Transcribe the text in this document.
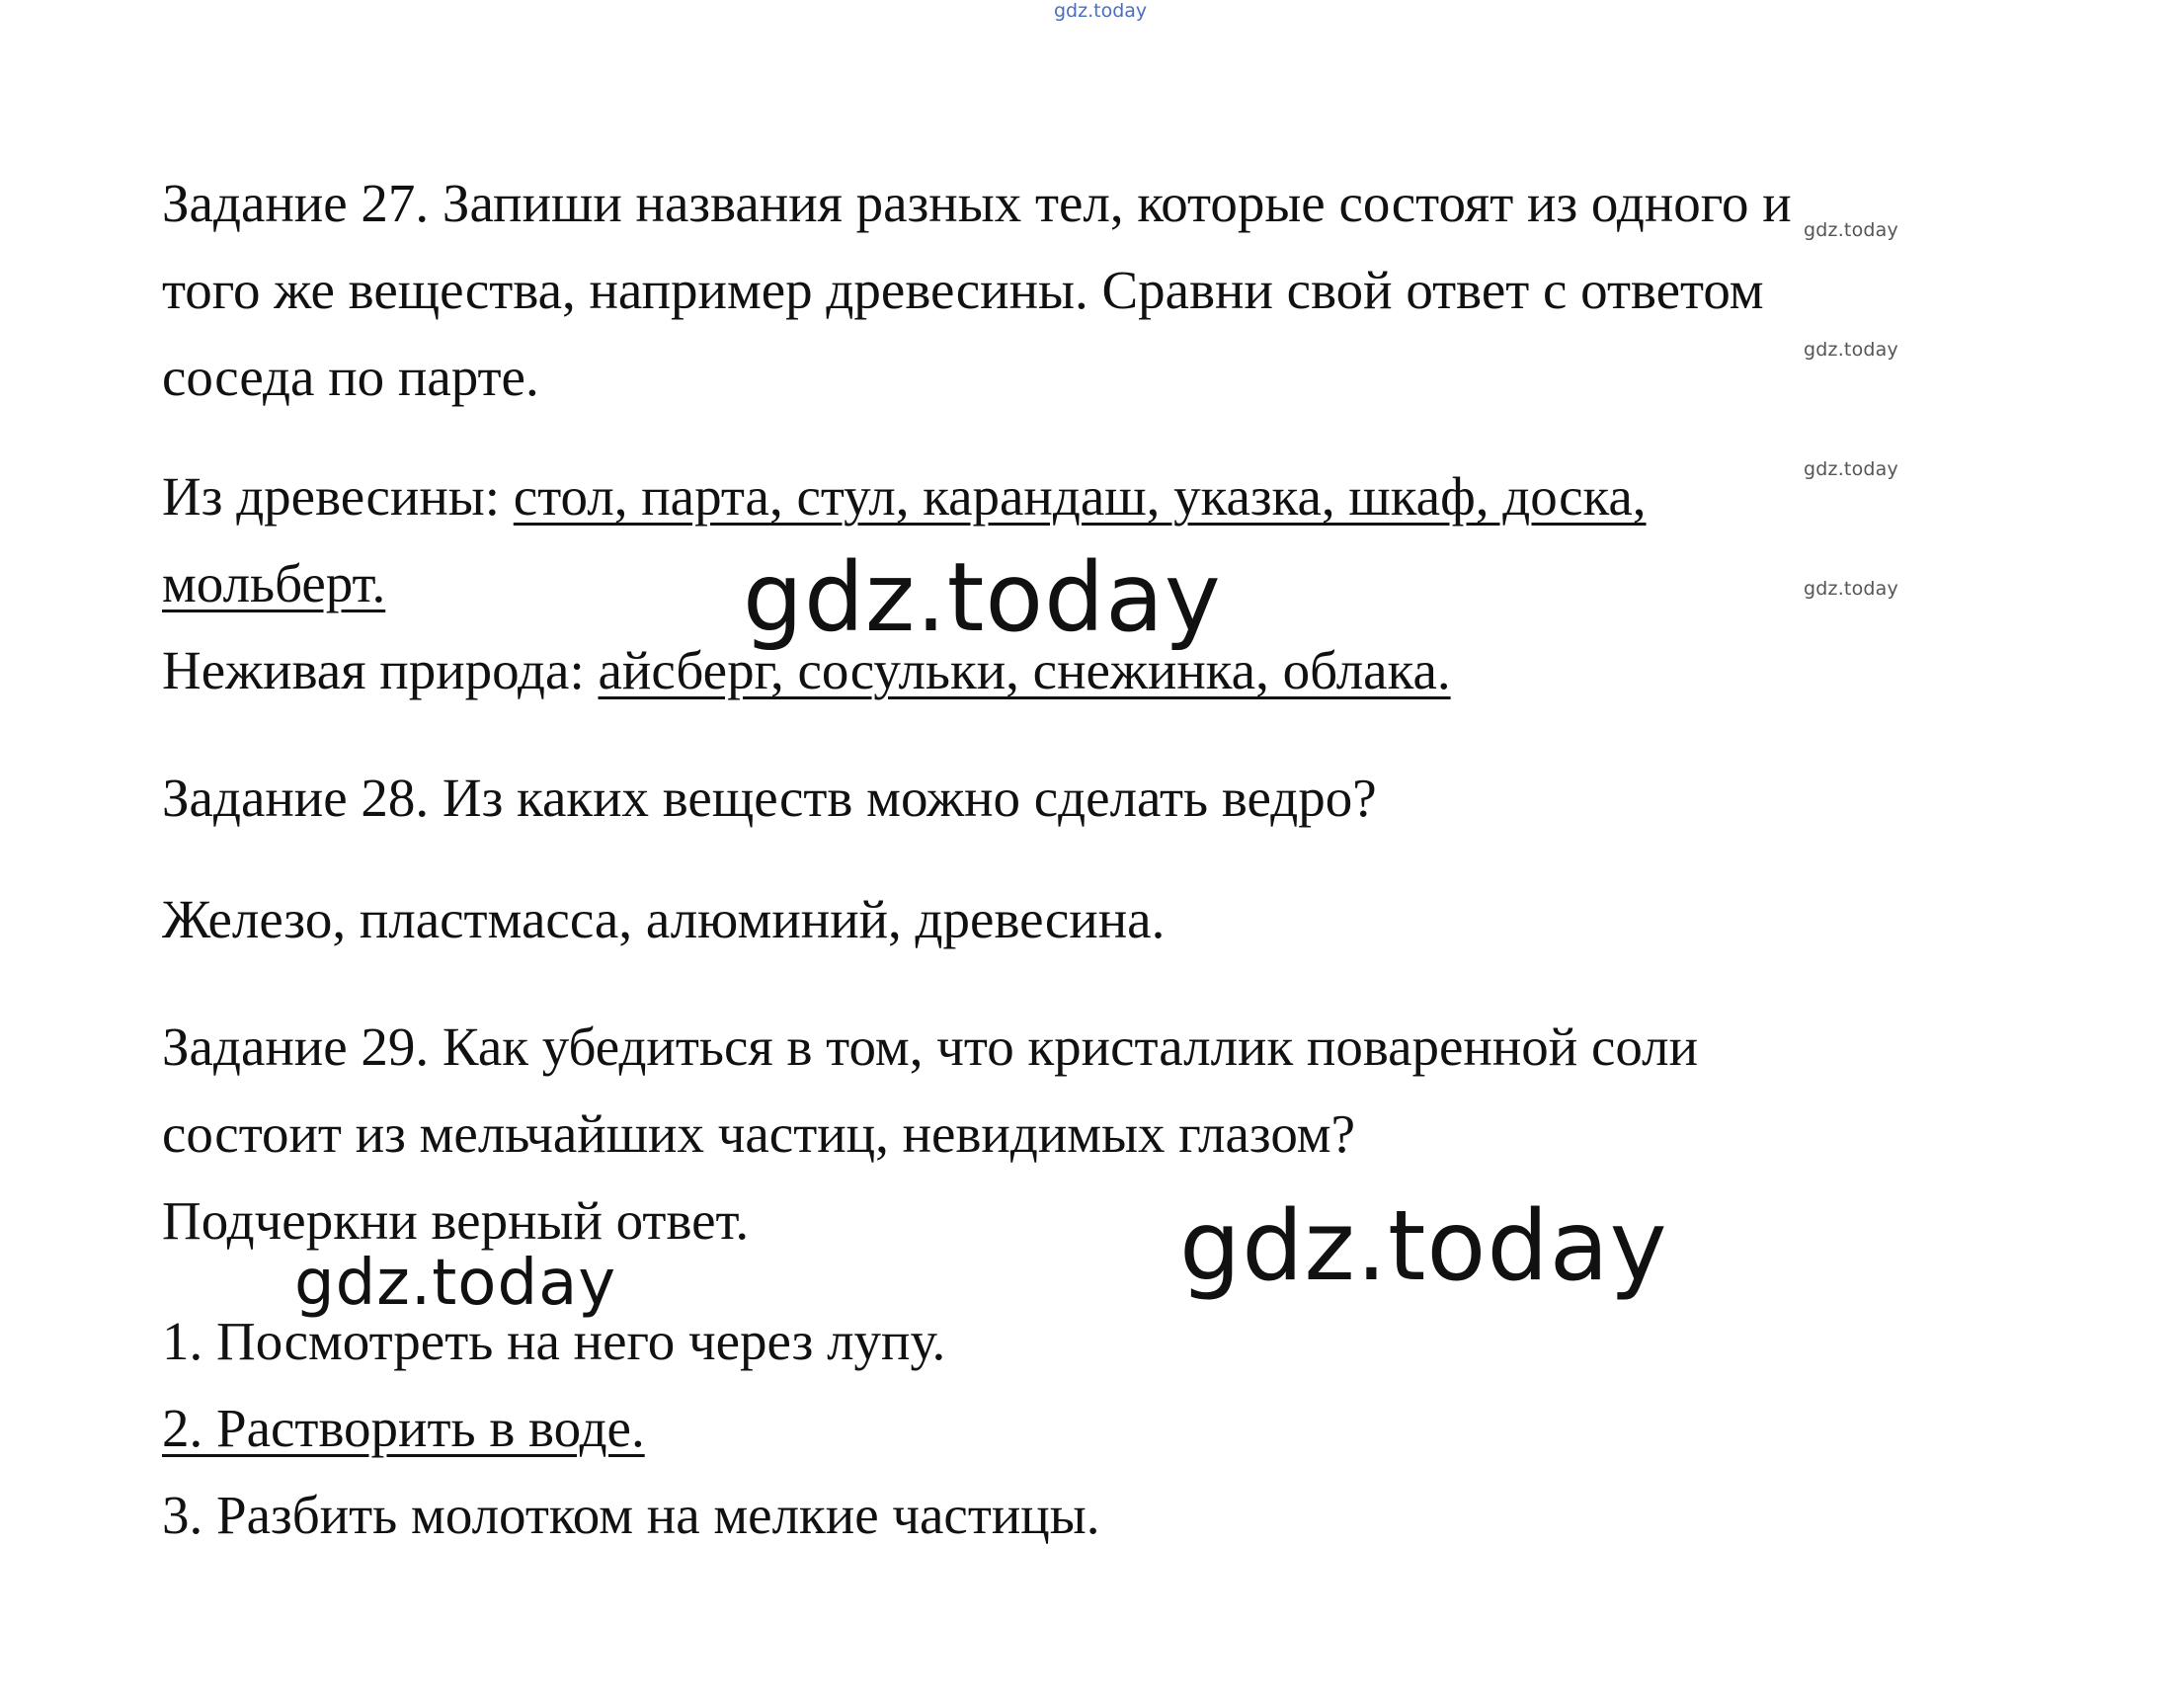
gdz.today

Задание 27. Запиши названия разных тел, которые состоят из одного и

того же вещества, например древесины. Сравни свой ответ с ответом

соседа по парте.

Из древесины: стол, парта, стул, карандаш, указка, шкаф, доска,

мольберт.

Неживая природа: айсберг, сосульки, снежинка, облака.

Задание 28. Из каких веществ можно сделать ведро?

Железо, пластмасса, алюминий, древесина.

Задание 29. Как убедиться в том, что кристаллик поваренной соли

состоит из мельчайших частиц, невидимых глазом?

Подчеркни верный ответ.

1. Посмотреть на него через лупу.

2. Растворить в воде.

3. Разбить молотком на мелкие частицы.

gdz.today
gdz.today
gdz.today
gdz.today
gdz.today
gdz.today
gdz.today
